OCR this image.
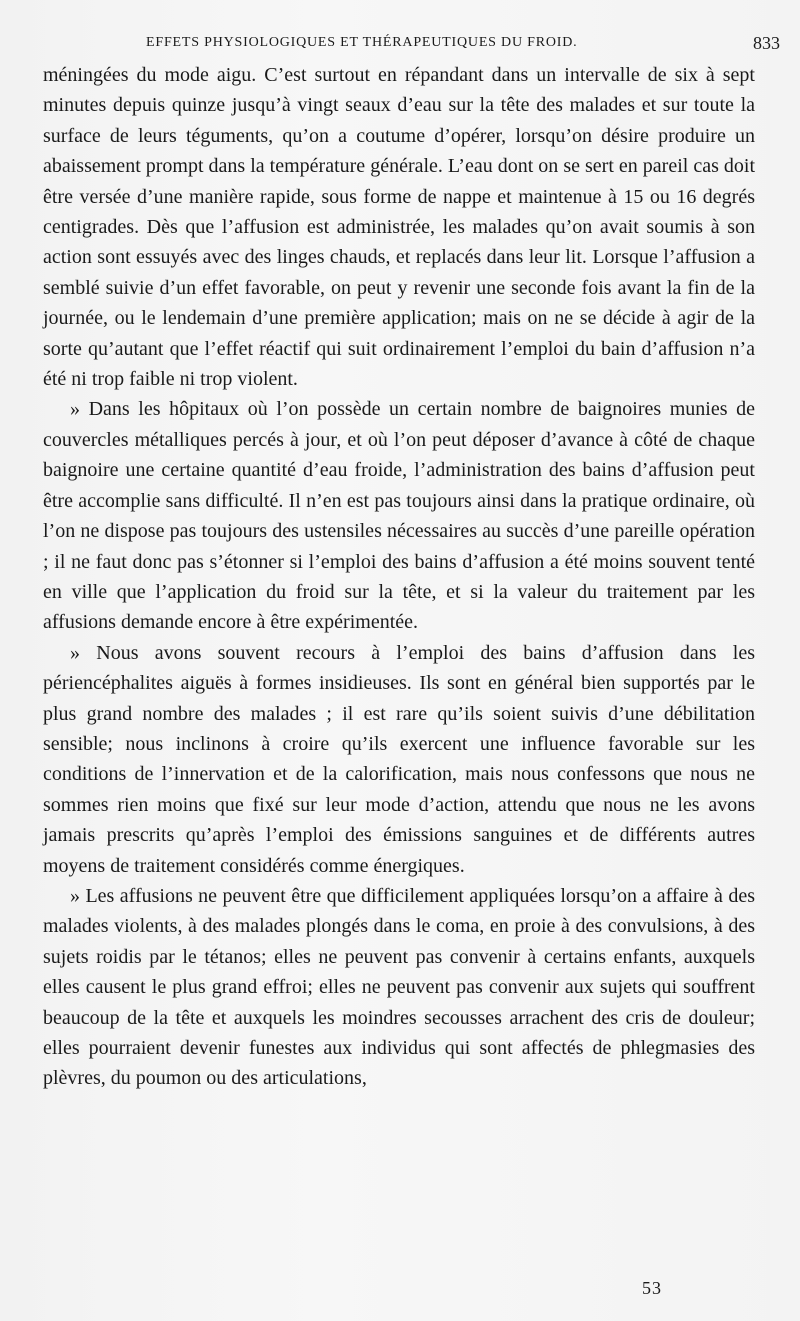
EFFETS PHYSIOLOGIQUES ET THÉRAPEUTIQUES DU FROID.	833

méningées du mode aigu. C’est surtout en répandant dans un intervalle de six à sept minutes depuis quinze jusqu’à vingt seaux d’eau sur la tête des malades et sur toute la surface de leurs téguments, qu’on a coutume d’opérer, lorsqu’on désire produire un abaissement prompt dans la température générale. L’eau dont on se sert en pareil cas doit être versée d’une manière rapide, sous forme de nappe et maintenue à 15 ou 16 degrés centigrades. Dès que l’affusion est administrée, les malades qu’on avait soumis à son action sont essuyés avec des linges chauds, et replacés dans leur lit. Lorsque l’affusion a semblé suivie d’un effet favorable, on peut y revenir une seconde fois avant la fin de la journée, ou le lendemain d’une première application; mais on ne se décide à agir de la sorte qu’autant que l’effet réactif qui suit ordinairement l’emploi du bain d’affusion n’a été ni trop faible ni trop violent.

» Dans les hôpitaux où l’on possède un certain nombre de baignoires munies de couvercles métalliques percés à jour, et où l’on peut déposer d’avance à côté de chaque baignoire une certaine quantité d’eau froide, l’administration des bains d’affusion peut être accomplie sans difficulté. Il n’en est pas toujours ainsi dans la pratique ordinaire, où l’on ne dispose pas toujours des ustensiles nécessaires au succès d’une pareille opération ; il ne faut donc pas s’étonner si l’emploi des bains d’affusion a été moins souvent tenté en ville que l’application du froid sur la tête, et si la valeur du traitement par les affusions demande encore à être expérimentée.

» Nous avons souvent recours à l’emploi des bains d’affusion dans les périencéphalites aiguës à formes insidieuses. Ils sont en général bien supportés par le plus grand nombre des malades ; il est rare qu’ils soient suivis d’une débilitation sensible; nous inclinons à croire qu’ils exercent une influence favorable sur les conditions de l’innervation et de la calorification, mais nous confessons que nous ne sommes rien moins que fixé sur leur mode d’action, attendu que nous ne les avons jamais prescrits qu’après l’emploi des émissions sanguines et de différents autres moyens de traitement considérés comme énergiques.

» Les affusions ne peuvent être que difficilement appliquées lorsqu’on a affaire à des malades violents, à des malades plongés dans le coma, en proie à des convulsions, à des sujets roidis par le tétanos; elles ne peuvent pas convenir à certains enfants, auxquels elles causent le plus grand effroi; elles ne peuvent pas convenir aux sujets qui souffrent beaucoup de la tête et auxquels les moindres secousses arrachent des cris de douleur; elles pourraient devenir funestes aux individus qui sont affectés de phlegmasies des plèvres, du poumon ou des articulations,

53
